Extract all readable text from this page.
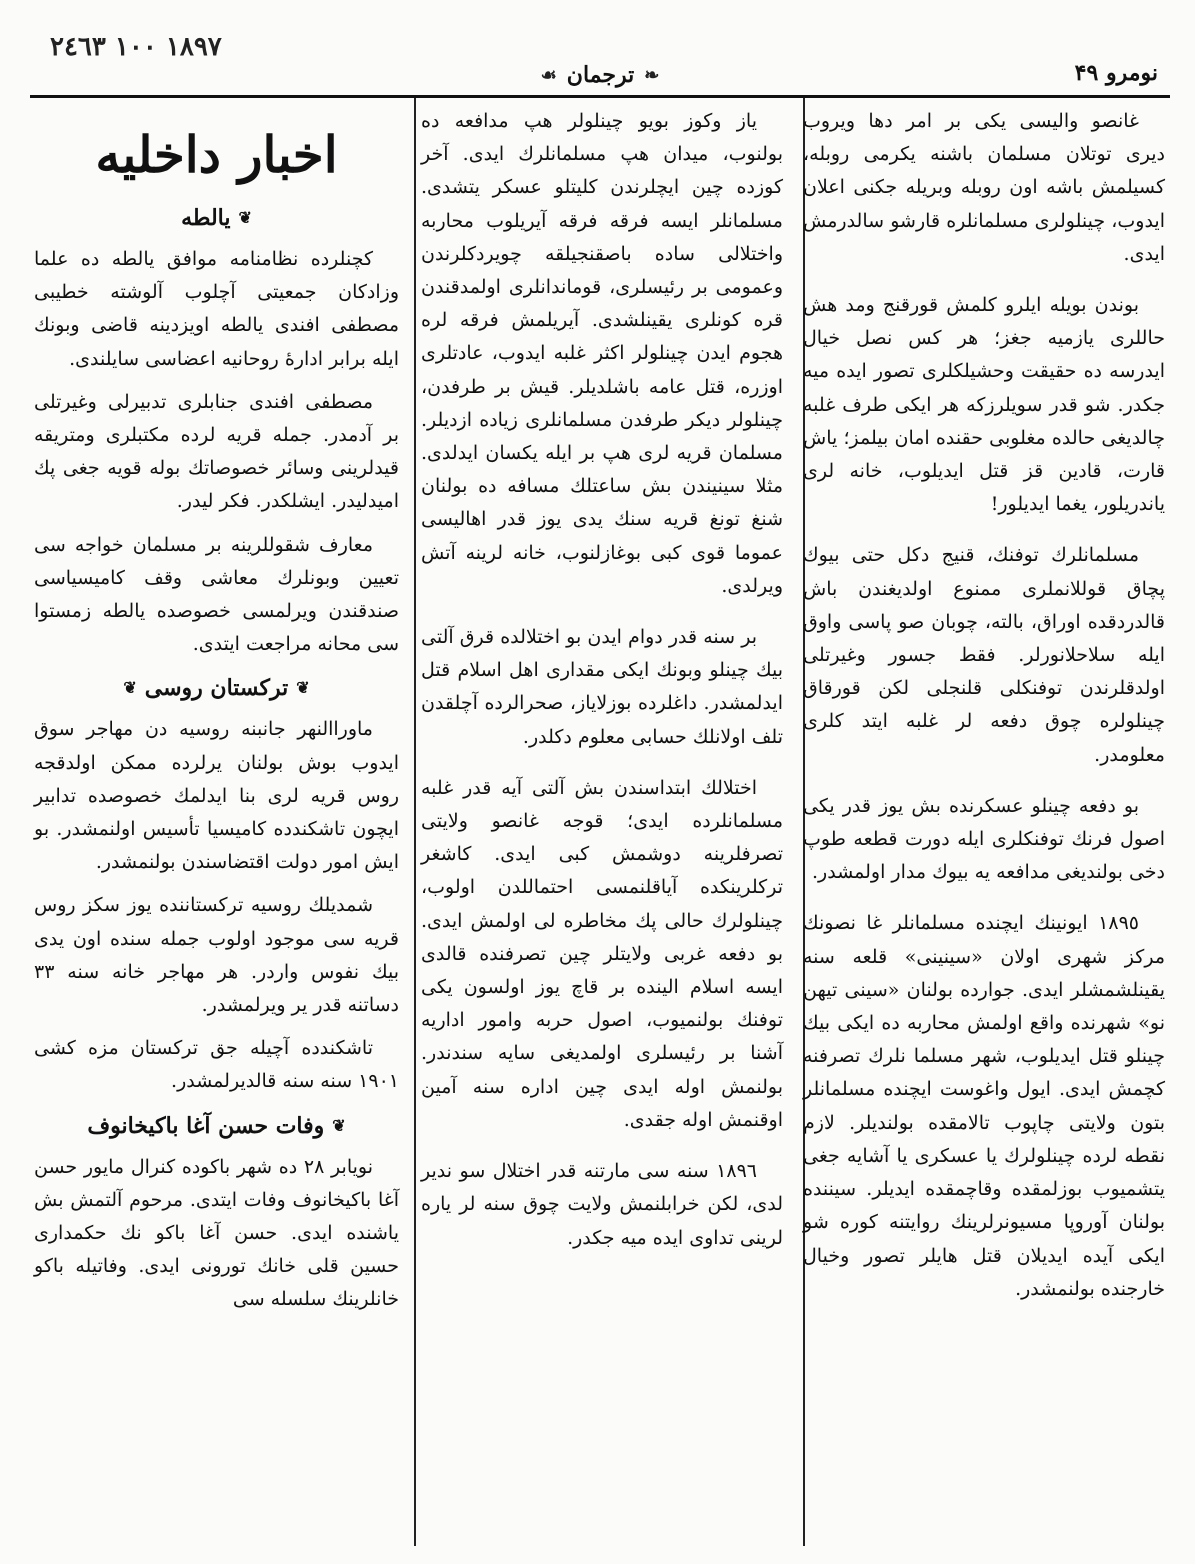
نومرو ۴۹
❧
ترجمان
☙
١٨٩٧ ١٠٠ ٢٤٦٣

غانصو واليسى يكى بر امر دها ويروب ديرى توتلان مسلمان باشنه يكرمى روبله، كسيلمش باشه اون روبله وبريله جكنى اعلان ايدوب، چينلولرى مسلمانلره قارشو سالدرمش ايدى.

بوندن بويله ايلرو كلمش قورقنج ومد هش حاللرى يازميه جغز؛ هر كس نصل خيال ايدرسه ده حقيقت وحشيلكلرى تصور ايده ميه جكدر. شو قدر سويلرزكه هر ايكى طرف غلبه چالديغى حالده مغلوبى حقنده امان بيلمز؛ ياش قارت، قادين قز قتل ايديلوب، خانه لرى ياندريلور، يغما ايديلور!

مسلمانلرك توفنك، قنيج دكل حتى بيوك پچاق قوللانملرى ممنوع اولديغندن باش قالدردقده اوراق، بالته، چوبان صو پاسى واوق ايله سلاحلانورلر. فقط جسور وغيرتلى اولدقلرندن توفنكلى قلنجلى لكن قورقاق چينلولره چوق دفعه لر غلبه ايتد كلرى معلومدر.

بو دفعه چينلو عسكرنده بش يوز قدر يكى اصول فرنك توفنكلرى ايله دورت قطعه طوپ دخى بولنديغى مدافعه يه بيوك مدار اولمشدر.

١٨٩٥ ايونينك ايچنده مسلمانلر غا نصونك مركز شهرى اولان «سينينى» قلعه سنه يقينلشمشلر ايدى. جوارده بولنان «سينى تيهن نو» شهرنده واقع اولمش محاربه ده ايكى بيك چينلو قتل ايديلوب، شهر مسلما نلرك تصرفنه كچمش ايدى. ايول واغوست ايچنده مسلمانلر بتون ولايتى چاپوب تالامقده بولنديلر. لازم نقطه لرده چينلولرك يا عسكرى يا آشايه جغى يتشميوب بوزلمقده وقاچمقده ايديلر. سيننده بولنان آوروپا مسيونرلرينك روايتنه كوره شو ايكى آيده ايديلان قتل هايلر تصور وخيال خارجنده بولنمشدر.

ياز وكوز بويو چينلولر هپ مدافعه ده بولنوب، ميدان هپ مسلمانلرك ايدى. آخر كوزده چين ايچلرندن كليتلو عسكر يتشدى. مسلمانلر ايسه فرقه فرقه آيريلوب محاربه واختلالى ساده باصقنجيلقه چويردكلرندن وعمومى بر رئيسلرى، قوماندانلرى اولمدقندن قره كونلرى يقينلشدى. آيريلمش فرقه لره هجوم ايدن چينلولر اكثر غلبه ايدوب، عادتلرى اوزره، قتل عامه باشلديلر. قيش بر طرفدن، چينلولر ديكر طرفدن مسلمانلرى زياده ازديلر. مسلمان قريه لرى هپ بر ايله يكسان ايدلدى. مثلا سينيندن بش ساعتلك مسافه ده بولنان شنغ تونغ قريه سنك يدى يوز قدر اهاليسى عموما قوى كبى بوغازلنوب، خانه لرينه آتش ويرلدى.

بر سنه قدر دوام ايدن بو اختلالده قرق آلتى بيك چينلو وبونك ايكى مقدارى اهل اسلام قتل ايدلمشدر. داغلرده بوزلاياز، صحرالرده آچلقدن تلف اولانلك حسابى معلوم دكلدر.

اختلالك ابتداسندن بش آلتى آيه قدر غلبه مسلمانلرده ايدى؛ قوجه غانصو ولايتى تصرفلرينه دوشمش كبى ايدى. كاشغر تركلرينكده آياقلنمسى احتماللدن اولوب، چينلولرك حالى پك مخاطره لى اولمش ايدى. بو دفعه غربى ولايتلر چين تصرفنده قالدى ايسه اسلام الينده بر قاچ يوز اولسون يكى توفنك بولنميوب، اصول حربه وامور اداريه آشنا بر رئيسلرى اولمديغى سايه سندندر. بولنمش اوله ايدى چين اداره سنه آمين اوقنمش اوله جقدى.

١٨٩٦ سنه سى مارتنه قدر اختلال سو ندير لدى، لكن خرابلنمش ولايت چوق سنه لر ياره لرينى تداوى ايده ميه جكدر.

اخبار داخليه
❦
يالطه

كچنلرده نظامنامه موافق يالطه ده علما وزادكان جمعيتى آچلوب آلوشته خطيبى مصطفى افندى يالطه اويزدينه قاضى وبونك ايله برابر ادارهٔ روحانيه اعضاسى سايلندى.

مصطفى افندى جنابلرى تدبيرلى وغيرتلى بر آدمدر. جمله قريه لرده مكتبلرى ومتريقه قيدلرينى وسائر خصوصاتك بوله قويه جغى پك اميدليدر. ايشلكدر. فكر ليدر.

معارف شقوللرينه بر مسلمان خواجه سى تعيين وبونلرك معاشى وقف كاميسياسى صندقندن ويرلمسى خصوصده يالطه زمستوا سى محانه مراجعت ايتدى.

❦
تركستان روسى
❦

ماوراالنهر جانبنه روسيه دن مهاجر سوق ايدوب بوش بولنان يرلرده ممكن اولدقجه روس قريه لرى بنا ايدلمك خصوصده تدابير ايچون تاشكندده كاميسيا تأسيس اولنمشدر. بو ايش امور دولت اقتضاسندن بولنمشدر.

شمديلك روسيه تركستاننده يوز سكز روس قريه سى موجود اولوب جمله سنده اون يدى بيك نفوس واردر. هر مهاجر خانه سنه ٣٣ دساتنه قدر ير ويرلمشدر.

تاشكندده آچيله جق تركستان مزه كشى ١٩٠١ سنه سنه قالديرلمشدر.

❦
وفات حسن آغا باكيخانوف

نويابر ٢٨ ده شهر باكوده كنرال مايور حسن آغا باكيخانوف وفات ايتدى. مرحوم آلتمش بش ياشنده ايدى. حسن آغا باكو نك حكمدارى حسين قلى خانك تورونى ايدى. وفاتيله باكو خانلرينك سلسله سى
